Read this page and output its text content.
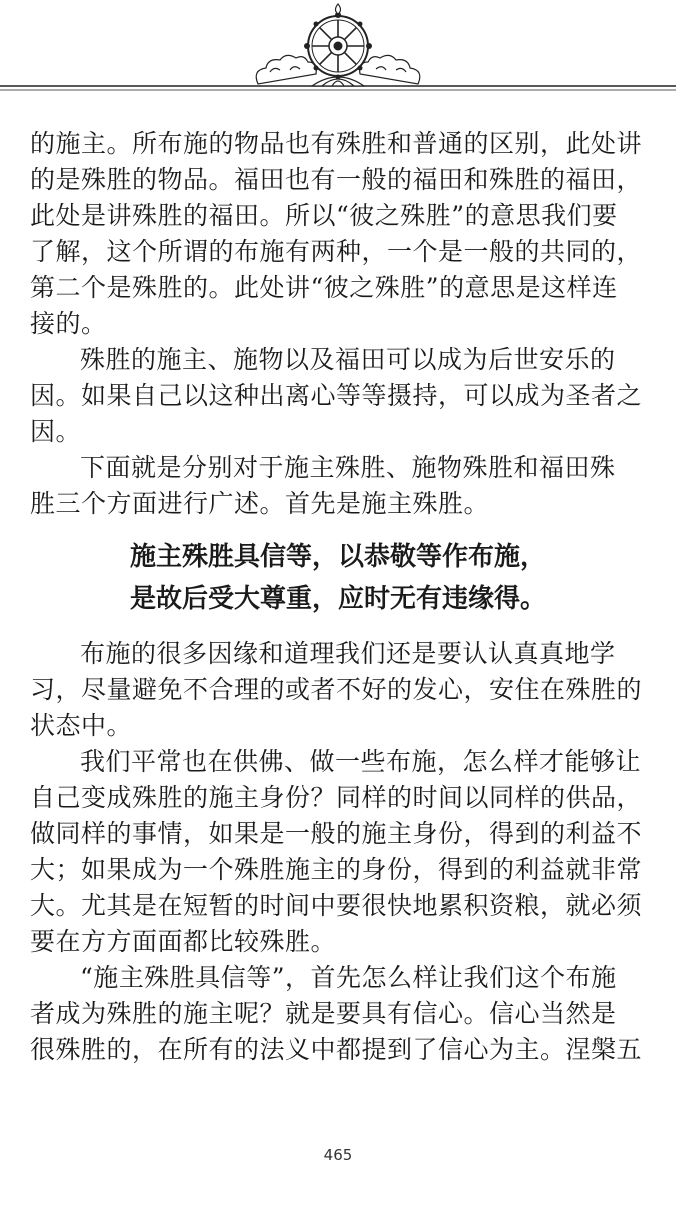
的施主。所布施的物品也有殊胜和普通的区别，此处讲
的是殊胜的物品。福田也有一般的福田和殊胜的福田，
此处是讲殊胜的福田。所以“彼之殊胜”的意思我们要
了解，这个所谓的布施有两种，一个是一般的共同的，
第二个是殊胜的。此处讲“彼之殊胜”的意思是这样连
接的。
殊胜的施主、施物以及福田可以成为后世安乐的
因。如果自己以这种出离心等等摄持，可以成为圣者之
因。
下面就是分别对于施主殊胜、施物殊胜和福田殊
胜三个方面进行广述。首先是施主殊胜。
施主殊胜具信等，以恭敬等作布施，
是故后受大尊重，应时无有违缘得。
布施的很多因缘和道理我们还是要认认真真地学
习，尽量避免不合理的或者不好的发心，安住在殊胜的
状态中。
我们平常也在供佛、做一些布施，怎么样才能够让
自己变成殊胜的施主身份？同样的时间以同样的供品，
做同样的事情，如果是一般的施主身份，得到的利益不
大；如果成为一个殊胜施主的身份，得到的利益就非常
大。尤其是在短暂的时间中要很快地累积资粮，就必须
要在方方面面都比较殊胜。
“施主殊胜具信等”，首先怎么样让我们这个布施
者成为殊胜的施主呢？就是要具有信心。信心当然是
很殊胜的，在所有的法义中都提到了信心为主。涅槃五
465
